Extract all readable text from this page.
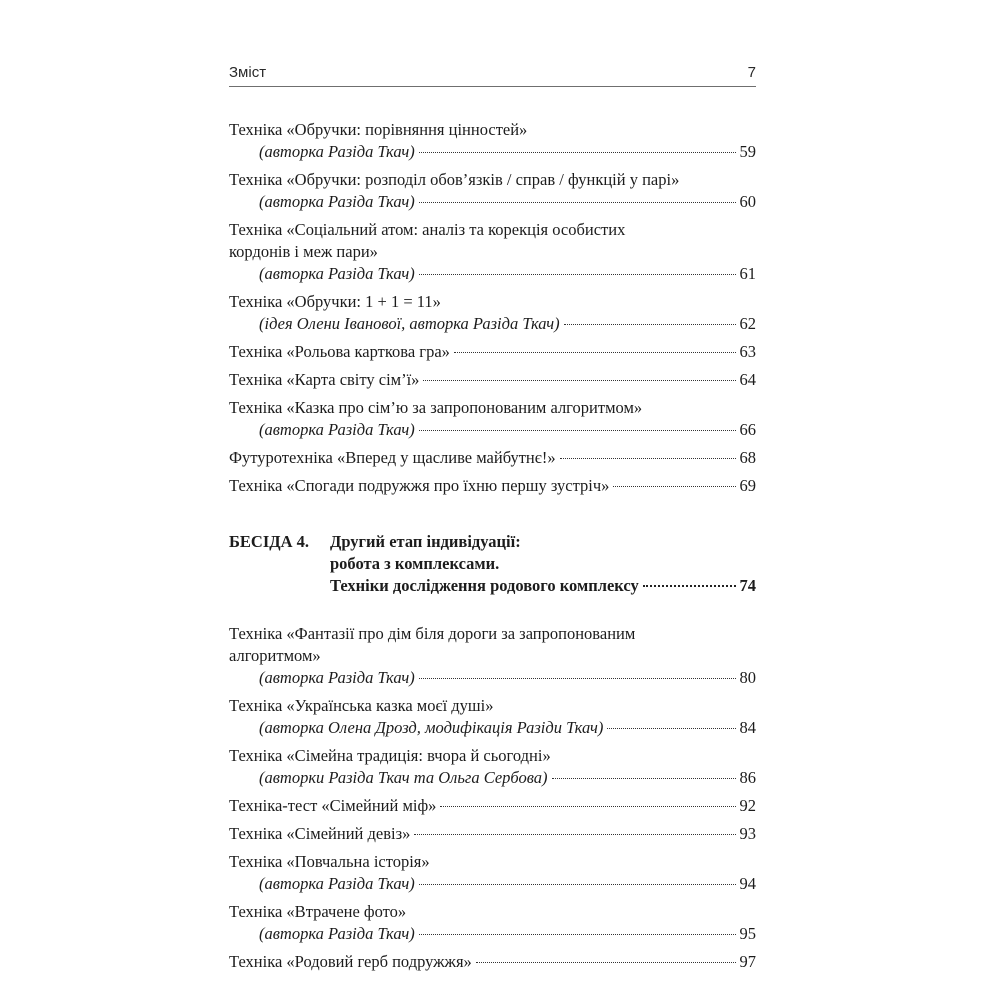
Зміст	7
Техніка «Обручки: порівняння цінностей»
(авторка Разіда Ткач)	59
Техніка «Обручки: розподіл обов’язків / справ / функцій у парі»
(авторка Разіда Ткач)	60
Техніка «Соціальний атом: аналіз та корекція особистих
кордонів і меж пари»
(авторка Разіда Ткач)	61
Техніка «Обручки: 1 + 1 = 11»
(ідея Олени Іванової, авторка Разіда Ткач)	62
Техніка «Рольова карткова гра»	63
Техніка «Карта світу сім’ї»	64
Техніка «Казка про сім’ю за запропонованим алгоритмом»
(авторка Разіда Ткач)	66
Футуротехніка «Вперед у щасливе майбутнє!»	68
Техніка «Спогади подружжя про їхню першу зустріч»	69
БЕСІДА 4.	Другий етап індивідуації:
робота з комплексами.
Техніки дослідження родового комплексу	74
Техніка «Фантазії про дім біля дороги за запропонованим
алгоритмом»
(авторка Разіда Ткач)	80
Техніка «Українська казка моєї душі»
(авторка Олена Дрозд, модифікація Разіди Ткач)	84
Техніка «Сімейна традиція: вчора й сьогодні»
(авторки Разіда Ткач та Ольга Сербова)	86
Техніка-тест «Сімейний міф»	92
Техніка «Сімейний девіз»	93
Техніка «Повчальна історія»
(авторка Разіда Ткач)	94
Техніка «Втрачене фото»
(авторка Разіда Ткач)	95
Техніка «Родовий герб подружжя»	97
